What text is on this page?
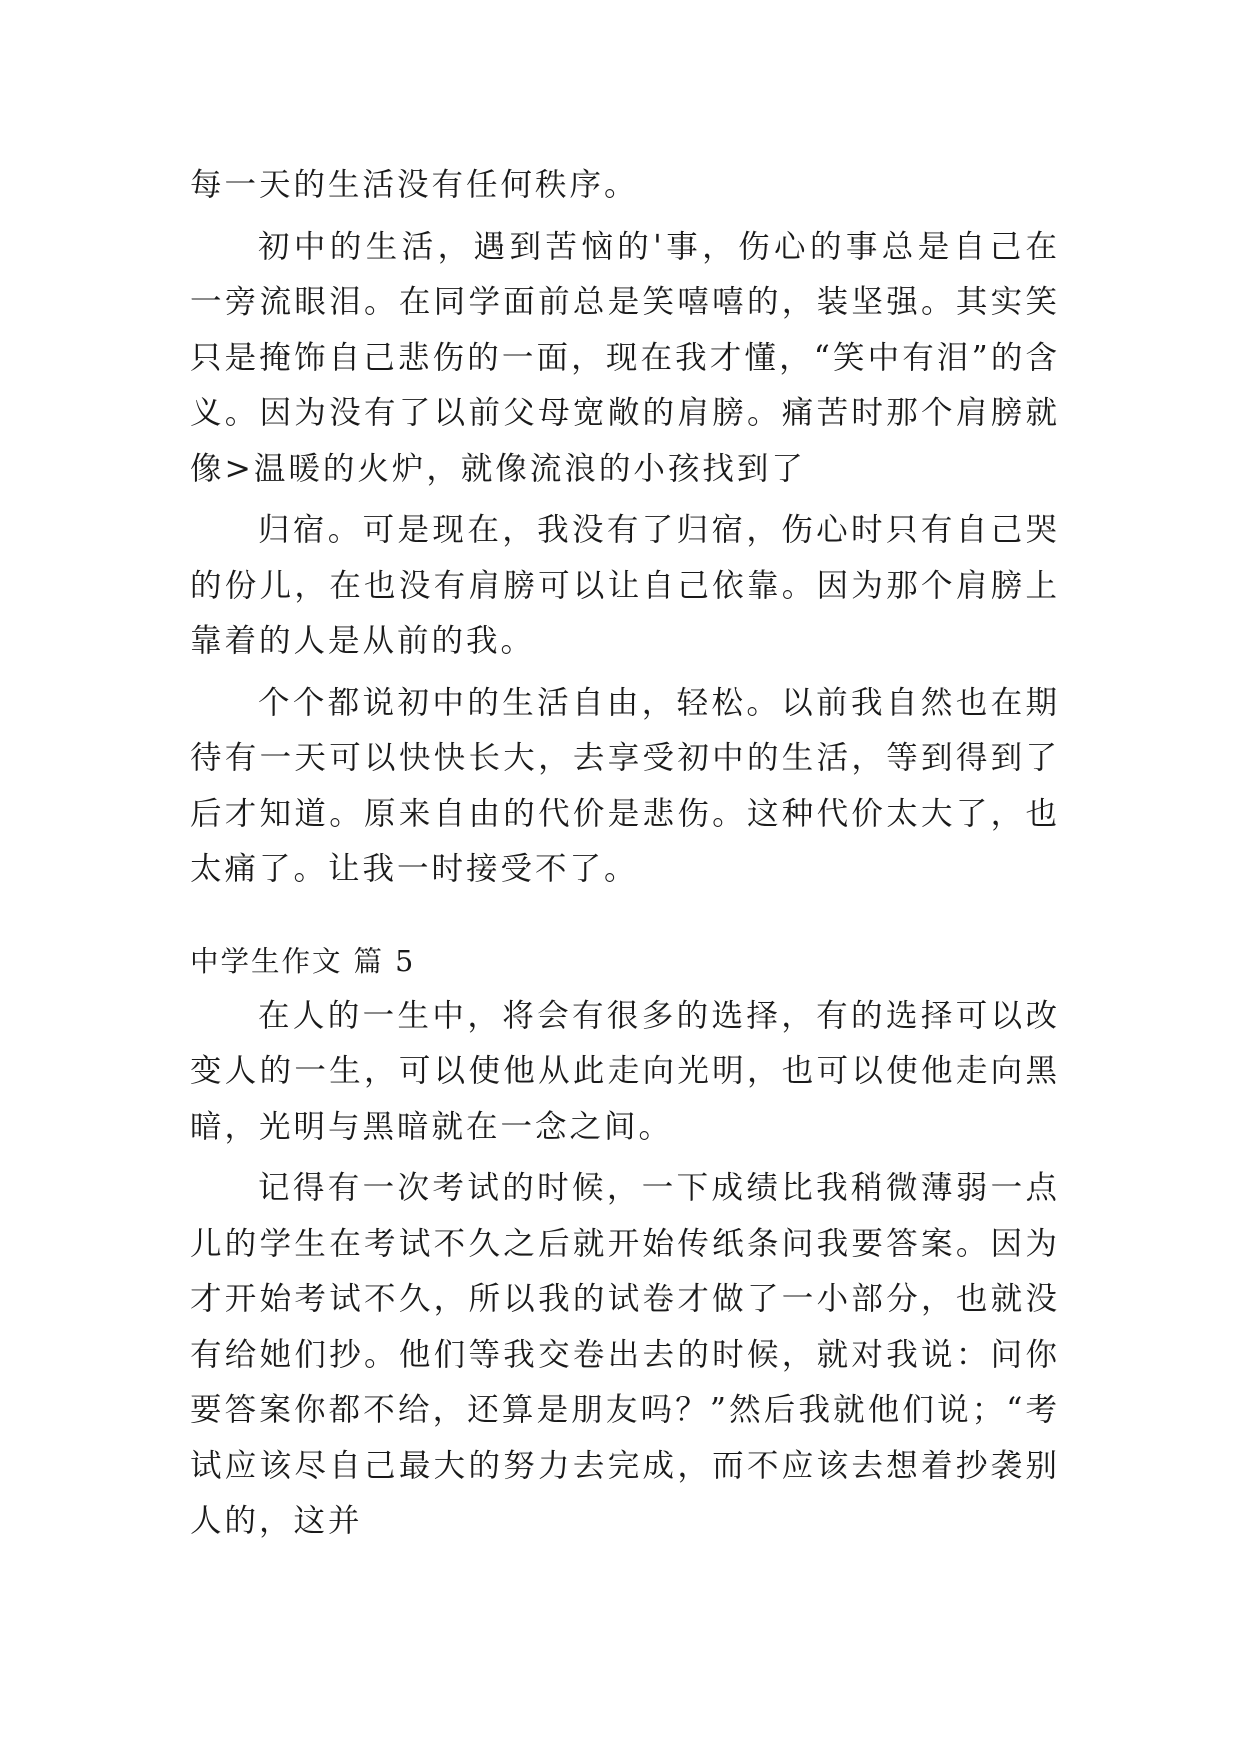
每一天的生活没有任何秩序。

初中的生活，遇到苦恼的'事，伤心的事总是自己在一旁流眼泪。在同学面前总是笑嘻嘻的，装坚强。其实笑只是掩饰自己悲伤的一面，现在我才懂，“笑中有泪”的含义。因为没有了以前父母宽敞的肩膀。痛苦时那个肩膀就像>温暖的火炉，就像流浪的小孩找到了

归宿。可是现在，我没有了归宿，伤心时只有自己哭的份儿，在也没有肩膀可以让自己依靠。因为那个肩膀上靠着的人是从前的我。

个个都说初中的生活自由，轻松。以前我自然也在期待有一天可以快快长大，去享受初中的生活，等到得到了后才知道。原来自由的代价是悲伤。这种代价太大了，也太痛了。让我一时接受不了。

中学生作文 篇 5

在人的一生中，将会有很多的选择，有的选择可以改变人的一生，可以使他从此走向光明，也可以使他走向黑暗，光明与黑暗就在一念之间。

记得有一次考试的时候，一下成绩比我稍微薄弱一点儿的学生在考试不久之后就开始传纸条问我要答案。因为才开始考试不久，所以我的试卷才做了一小部分，也就没有给她们抄。他们等我交卷出去的时候，就对我说：问你要答案你都不给，还算是朋友吗？”然后我就他们说；“考试应该尽自己最大的努力去完成，而不应该去想着抄袭别人的，这并
